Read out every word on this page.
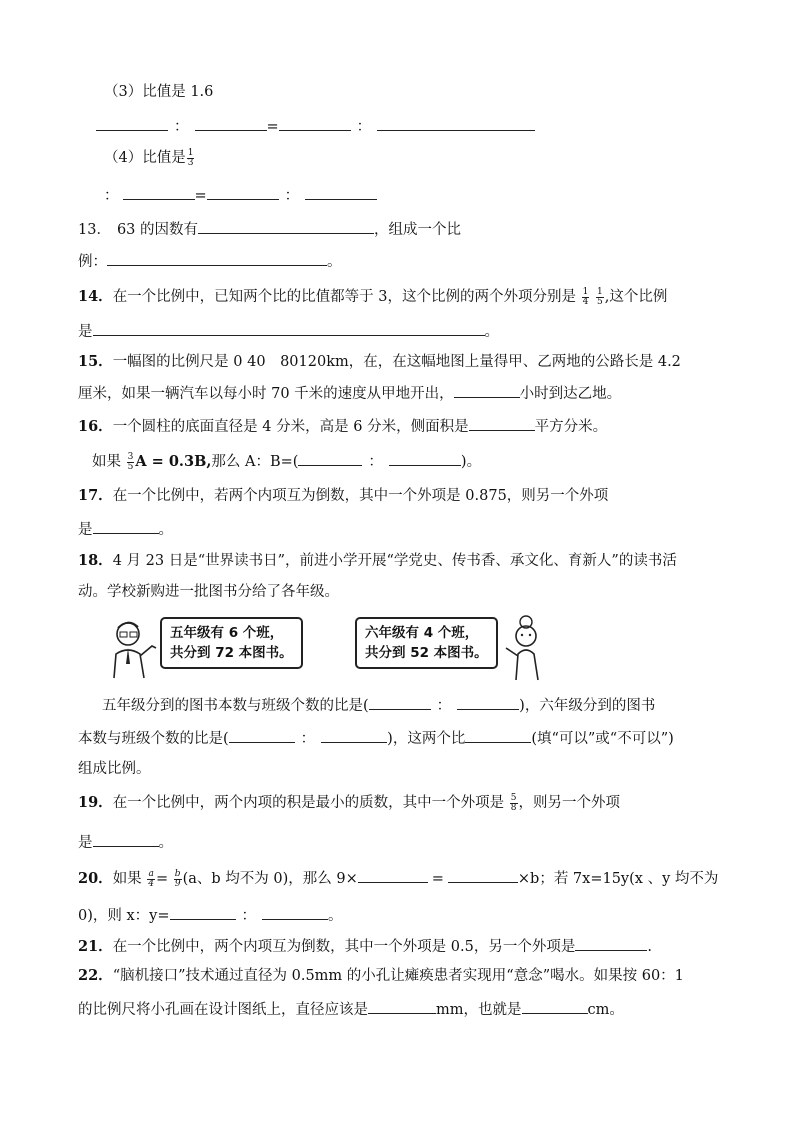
（3）比值是 1.6
：	=	：
（4）比值是 $\frac{1}{3}$
：	=	：
13． 63 的因数有	，组成一个比
例：	。
14．在一个比例中，已知两个比的比值都等于 3，这个比例的两个外项分别是 $\frac{1}{4}$
$\frac{1}{5}$ ,这个比例
是	。
15．一幅图的比例尺是 0 40　80120km，在，在这幅地图上量得甲、乙两地的公路长是 4.2
厘米，如果一辆汽车以每小时 70 千米的速度从甲地开出，	小时到达乙地。
16．一个圆柱的底面直径是 4 分米，高是 6 分米，侧面积是	平方分米。
如果 $\frac{3}{5}$ A = 0.3B,那么 A：B=(	：	)。
17．在一个比例中，若两个内项互为倒数，其中一个外项是 0.875，则另一个外项
是	。
18．4 月 23 日是“世界读书日”，前进小学开展“学党史、传书香、承文化、育新人”的读书活
动。学校新购进一批图书分给了各年级。
五年级有 6 个班，
共分到 72 本图书。
六年级有 4 个班，
共分到 52 本图书。
五年级分到的图书本数与班级个数的比是(	：	)，六年级分到的图书
本数与班级个数的比是(	：	)，这两个比	(填“可以”或“不可以”)
组成比例。
19．在一个比例中，两个内项的积是最小的质数，其中一个外项是 $\frac{5}{8}$ ，则另一个外项
是	。
20．如果 $\frac{a}{4} = \frac{b}{9} (a$、b 均不为 0)，那么 9×	=	×b；若 7x=15y(x 、y 均不为
0)，则 x：y=	：	。
21．在一个比例中，两个内项互为倒数，其中一个外项是 0.5，另一个外项是	.
22．“脑机接口”技术通过直径为 0.5mm 的小孔让瘫痪患者实现用“意念”喝水。如果按 60：1
的比例尺将小孔画在设计图纸上，直径应该是	mm，也就是	cm。
